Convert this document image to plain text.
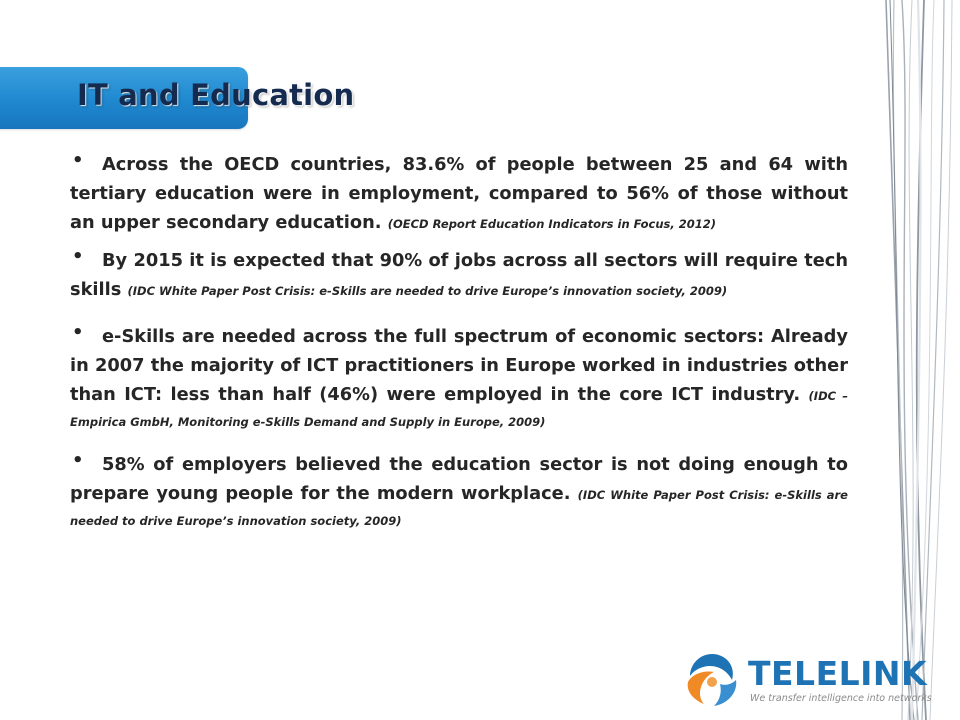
IT and Education
•	Across the OECD countries, 83.6% of people between 25 and 64 with
tertiary education were in employment, compared to 56% of those without
an upper secondary education. (OECD Report Education Indicators in Focus, 2012)
•	By 2015 it is expected that 90% of jobs across all sectors will require tech
skills (IDC White Paper Post Crisis: e-Skills are needed to drive Europe’s innovation society, 2009)
•	e-Skills are needed across the full spectrum of economic sectors: Already
in 2007 the majority of ICT practitioners in Europe worked in industries other
than ICT: less than half (46%) were employed in the core ICT industry. (IDC –
Empirica GmbH, Monitoring e-Skills Demand and Supply in Europe, 2009)
•	58% of employers believed the education sector is not doing enough to
prepare young people for the modern workplace. (IDC White Paper Post Crisis: e-Skills are
needed to drive Europe’s innovation society, 2009)
TELELINK
We transfer intelligence into networks
